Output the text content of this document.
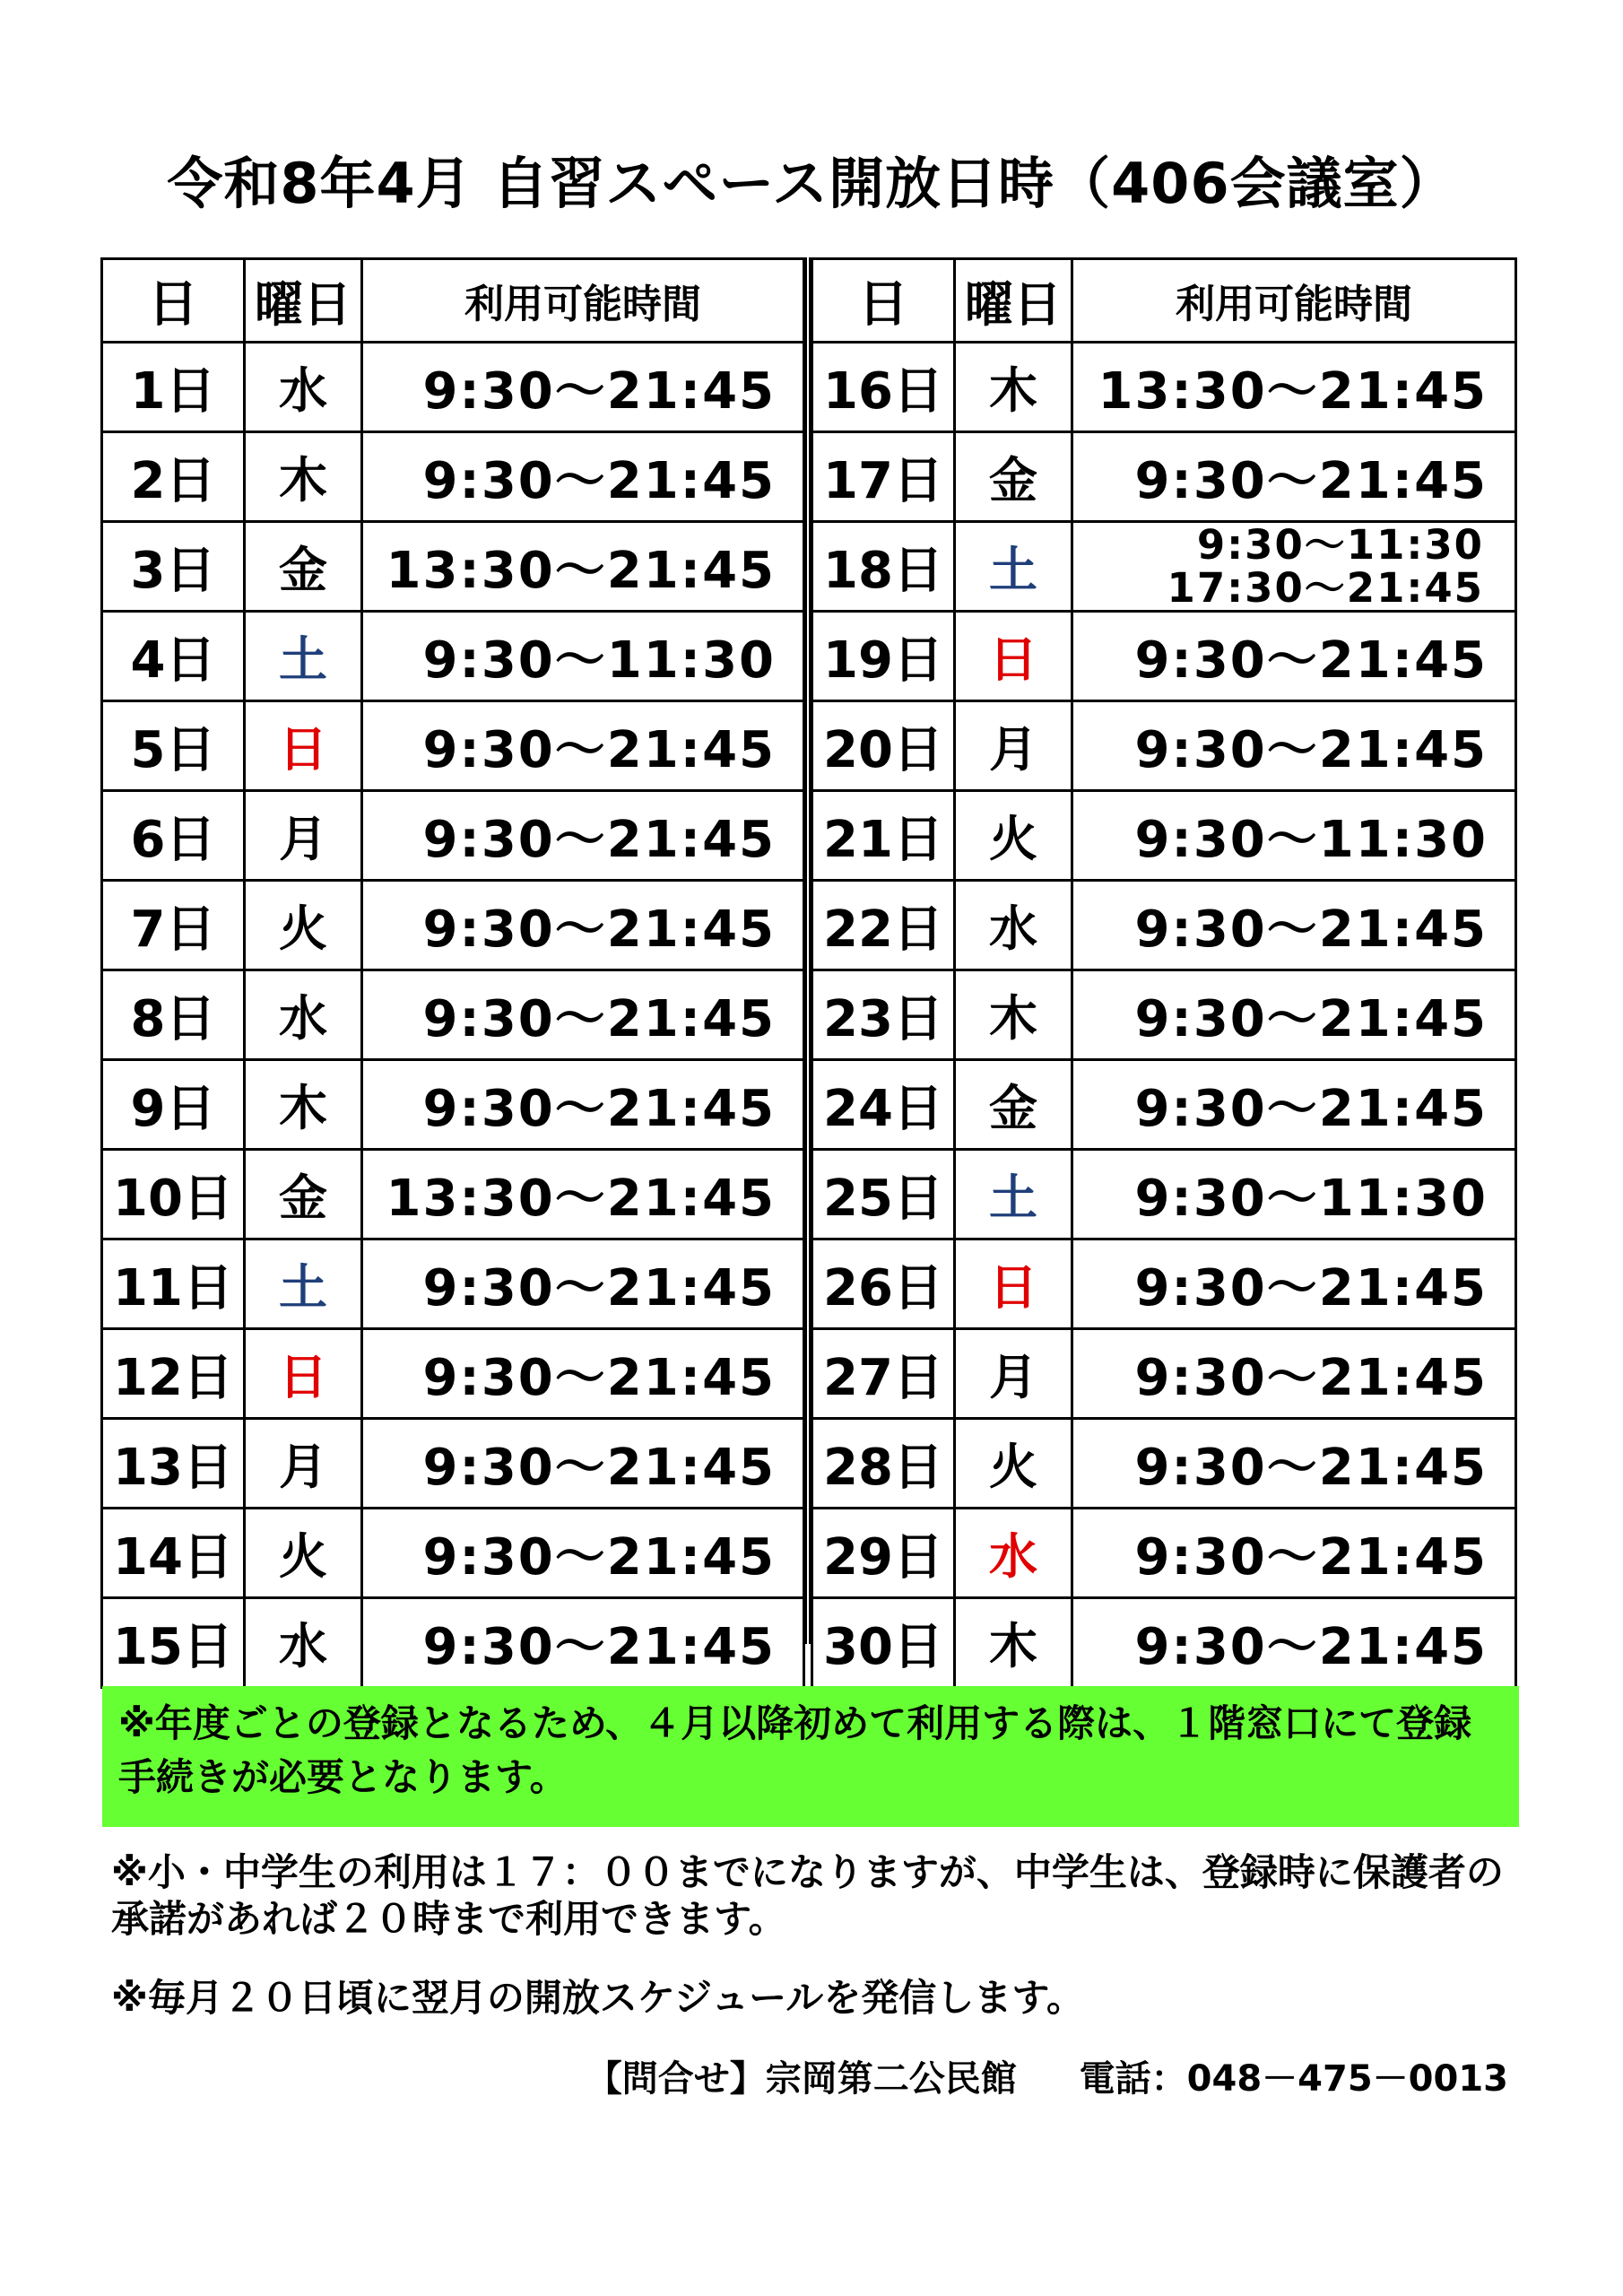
令和8年4月 自習スペース開放日時（406会議室）
日	曜日	利用可能時間
1日	水	9:30～21:45
2日	木	9:30～21:45
3日	金	13:30～21:45
4日	土	9:30～11:30
5日	日	9:30～21:45
6日	月	9:30～21:45
7日	火	9:30～21:45
8日	水	9:30～21:45
9日	木	9:30～21:45
10日	金	13:30～21:45
11日	土	9:30～21:45
12日	日	9:30～21:45
13日	月	9:30～21:45
14日	火	9:30～21:45
15日	水	9:30～21:45
日	曜日	利用可能時間
16日	木	13:30～21:45
17日	金	9:30～21:45
18日	土	9:30～11:30
17:30～21:45

19日	日	9:30～21:45
20日	月	9:30～21:45
21日	火	9:30～11:30
22日	水	9:30～21:45
23日	木	9:30～21:45
24日	金	9:30～21:45
25日	土	9:30～11:30
26日	日	9:30～21:45
27日	月	9:30～21:45
28日	火	9:30～21:45
29日	水	9:30～21:45
30日	木	9:30～21:45
※年度ごとの登録となるため、４月以降初めて利用する際は、１階窓口にて登録手続きが必要となります。
※小・中学生の利用は１７：００までになりますが、中学生は、登録時に保護者の承諾があれば２０時まで利用できます。
※毎月２０日頃に翌月の開放スケジュールを発信します。
【問合せ】宗岡第二公民館 電話：048－475－0013
